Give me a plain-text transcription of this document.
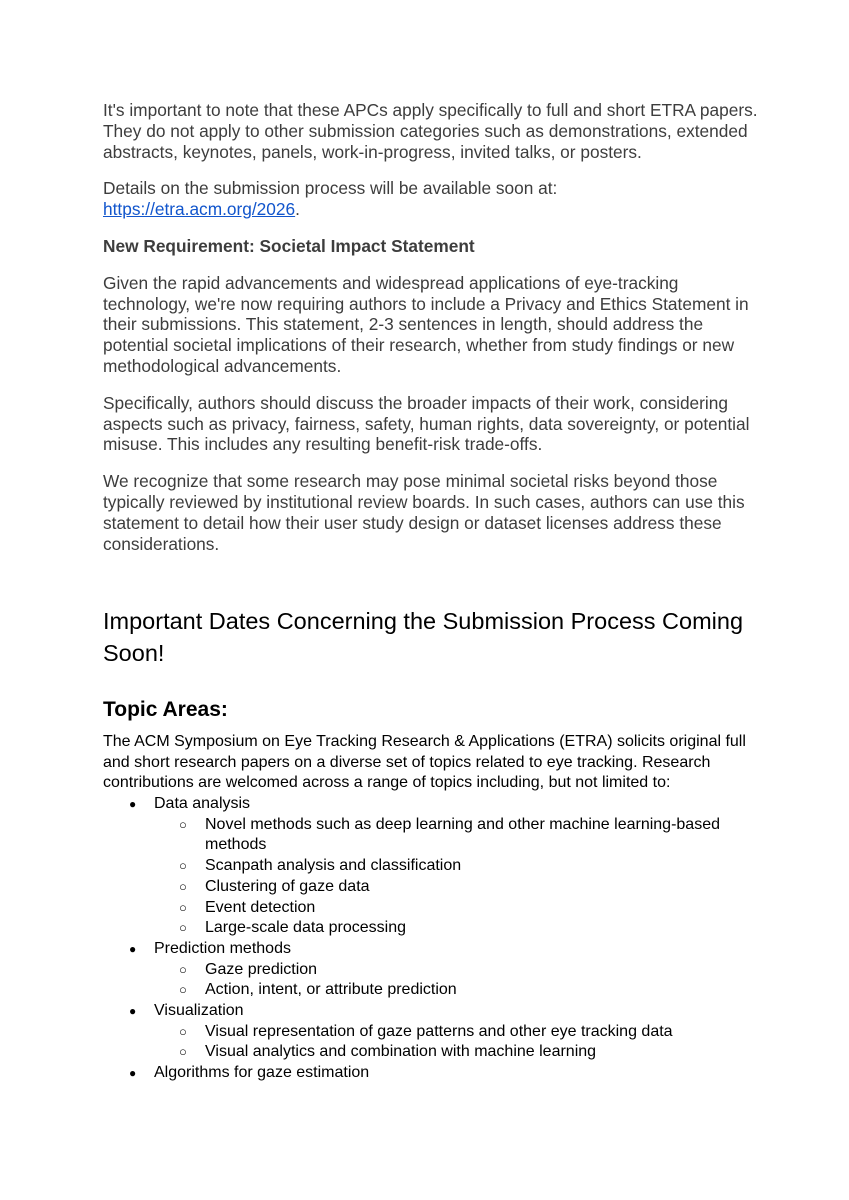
It's important to note that these APCs apply specifically to full and short ETRA papers. They do not apply to other submission categories such as demonstrations, extended abstracts, keynotes, panels, work-in-progress, invited talks, or posters.

Details on the submission process will be available soon at:
https://etra.acm.org/2026.

New Requirement: Societal Impact Statement

Given the rapid advancements and widespread applications of eye-tracking technology, we're now requiring authors to include a Privacy and Ethics Statement in their submissions. This statement, 2-3 sentences in length, should address the potential societal implications of their research, whether from study findings or new methodological advancements.

Specifically, authors should discuss the broader impacts of their work, considering aspects such as privacy, fairness, safety, human rights, data sovereignty, or potential misuse. This includes any resulting benefit-risk trade-offs.

We recognize that some research may pose minimal societal risks beyond those typically reviewed by institutional review boards. In such cases, authors can use this statement to detail how their user study design or dataset licenses address these considerations.

Important Dates Concerning the Submission Process Coming Soon!
Topic Areas:

The ACM Symposium on Eye Tracking Research & Applications (ETRA) solicits original full and short research papers on a diverse set of topics related to eye tracking. Research contributions are welcomed across a range of topics including, but not limited to:

● Data analysis
○ Novel methods such as deep learning and other machine learning-based methods
○ Scanpath analysis and classification
○ Clustering of gaze data
○ Event detection
○ Large-scale data processing
● Prediction methods
○ Gaze prediction
○ Action, intent, or attribute prediction
● Visualization
○ Visual representation of gaze patterns and other eye tracking data
○ Visual analytics and combination with machine learning
● Algorithms for gaze estimation
